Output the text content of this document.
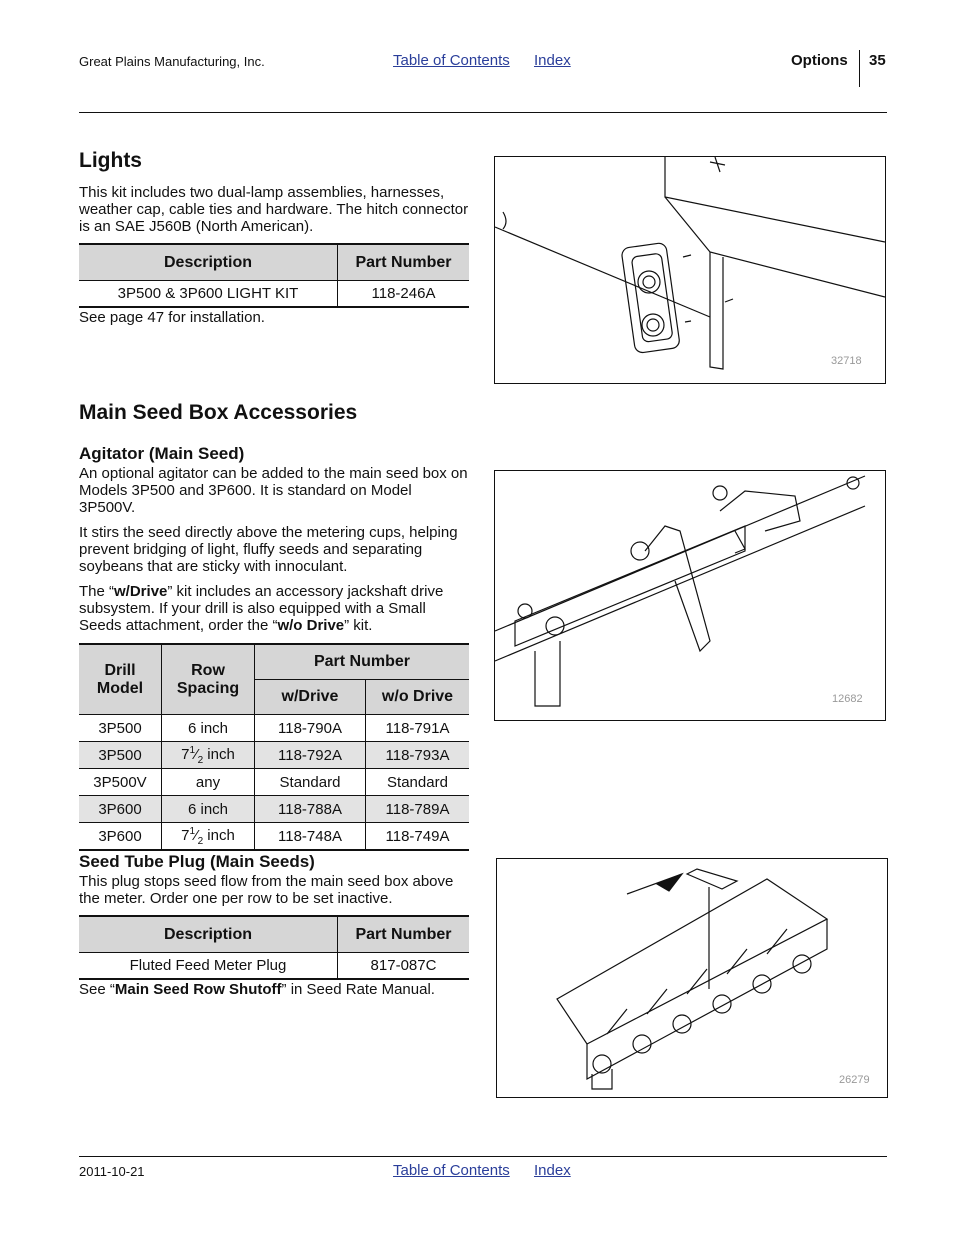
Great Plains Manufacturing, Inc.	Table of Contents Index	Options 35
Lights

This kit includes two dual-lamp assemblies, harnesses, weather cap, cable ties and hardware. The hitch connector is an SAE J560B (North American).

Description	Part Number
3P500 & 3P600 LIGHT KIT	118-246A

See page 47 for installation.

32718
Main Seed Box Accessories
Agitator (Main Seed)

An optional agitator can be added to the main seed box on Models 3P500 and 3P600. It is standard on Model 3P500V.

It stirs the seed directly above the metering cups, helping prevent bridging of light, fluffy seeds and separating soybeans that are sticky with innoculant.

The “w/Drive” kit includes an accessory jackshaft drive subsystem. If your drill is also equipped with a Small Seeds attachment, order the “w/o Drive” kit.

Drill Model	Row Spacing	Part Number	
		w/Drive	w/o Drive
3P500	6 inch	118-790A	118-791A
3P500	$7^1⁄_2$ inch	118-792A	118-793A
3P500V	any	Standard	Standard
3P600	6 inch	118-788A	118-789A
3P600	$7^1⁄_2$ inch	118-748A	118-749A
12682
Seed Tube Plug (Main Seeds)

This plug stops seed flow from the main seed box above the meter. Order one per row to be set inactive.

Description	Part Number
Fluted Feed Meter Plug	817-087C

See “Main Seed Row Shutoff” in Seed Rate Manual.

26279
2011-10-21	Table of Contents Index
